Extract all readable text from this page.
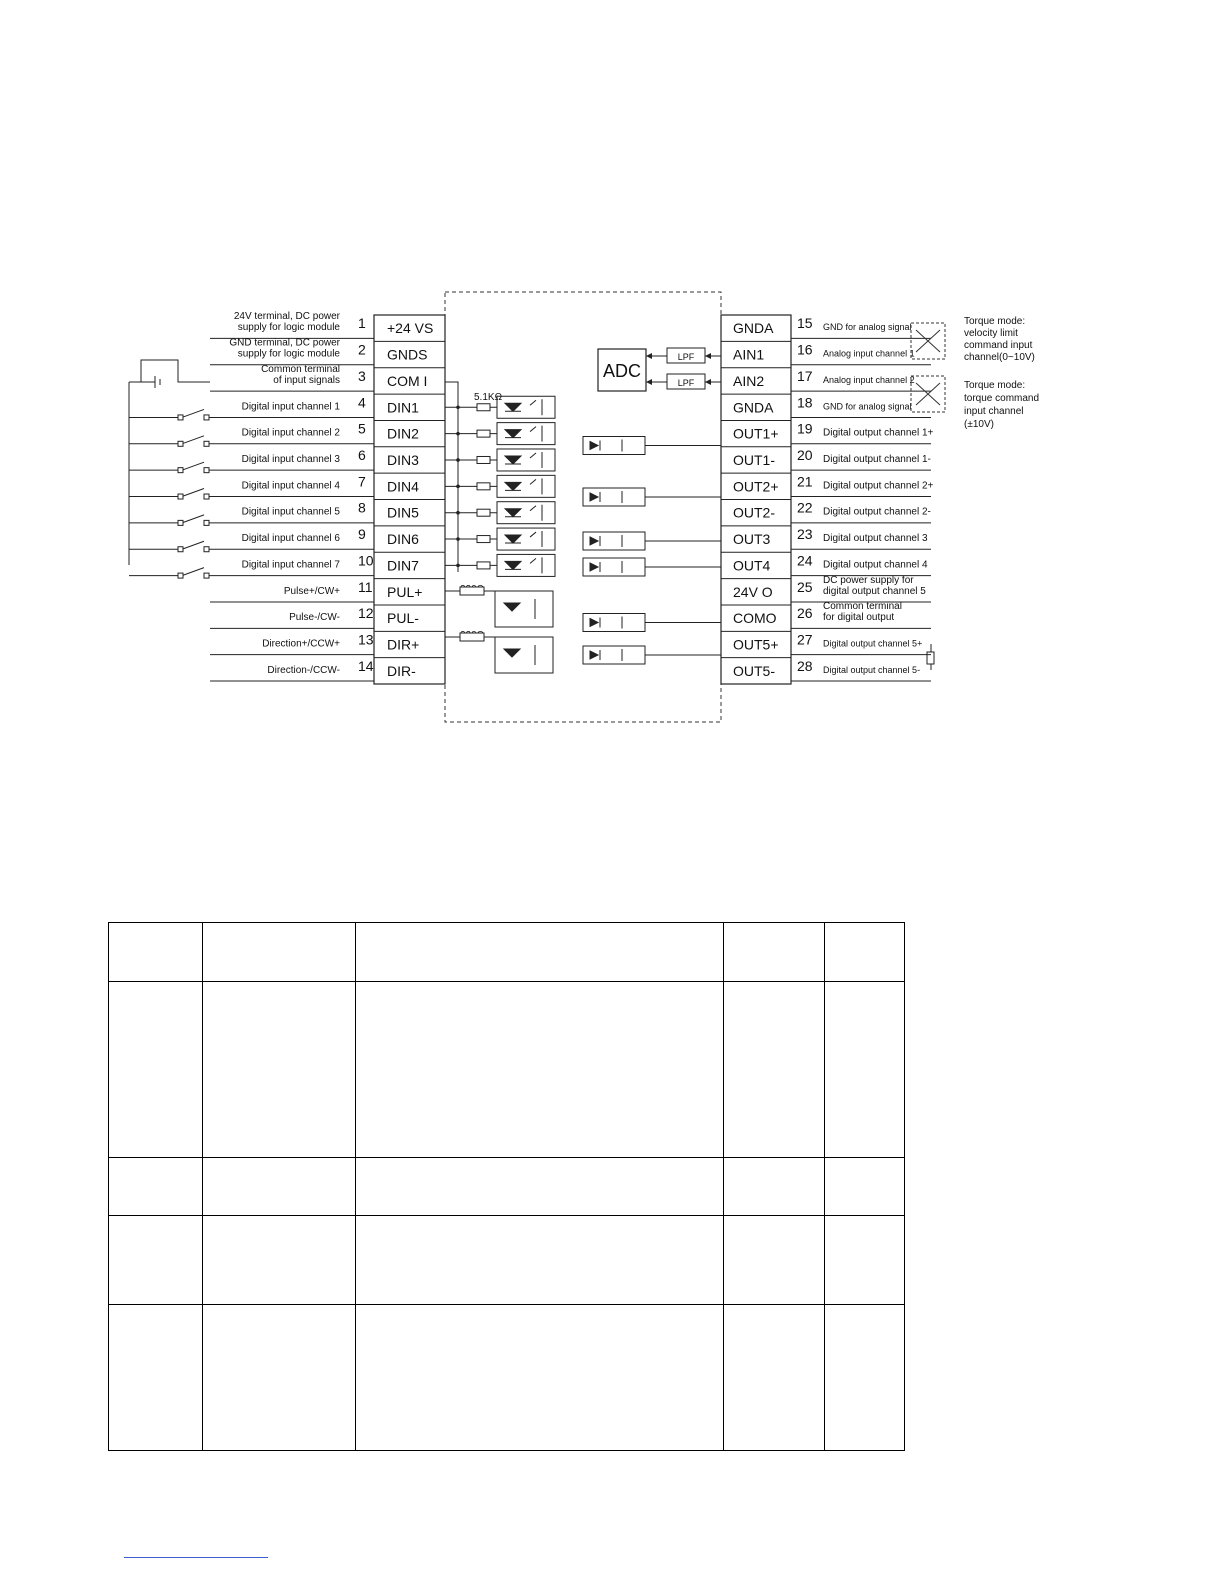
+24 VS
1
24V terminal, DC power
supply for logic module
GNDS
2
GND terminal, DC power
supply for logic module
COM I
3
Common terminal
of input signals
DIN1
4
Digital input channel 1
DIN2
5
Digital input channel 2
DIN3
6
Digital input channel 3
DIN4
7
Digital input channel 4
DIN5
8
Digital input channel 5
DIN6
9
Digital input channel 6
DIN7
10
Digital input channel 7
PUL+
11
Pulse+/CW+
PUL-
12
Pulse-/CW-
DIR+
13
Direction+/CCW+
DIR-
14
Direction-/CCW-
GNDA 15 GND for analog signal
AIN1 16 Analog input channel 1
AIN2 17 Analog input channel 2
GNDA 18 GND for analog signal
OUT1+ 19 Digital output channel 1+
OUT1- 20 Digital output channel 1-
OUT2+ 21 Digital output channel 2+
OUT2- 22 Digital output channel 2-
OUT3 23 Digital output channel 3
OUT4 24 Digital output channel 4
24V O 25 DC power supply for
digital output channel 5
COMO 26 Common terminal
for digital output
OUT5+ 27 Digital output channel 5+
OUT5- 28 Digital output channel 5-
ADC
LPF
LPF
5.1KΩ
Torque mode:
velocity limit
command input
channel(0~10V)
Torque mode:
torque command
input channel
(±10V)
